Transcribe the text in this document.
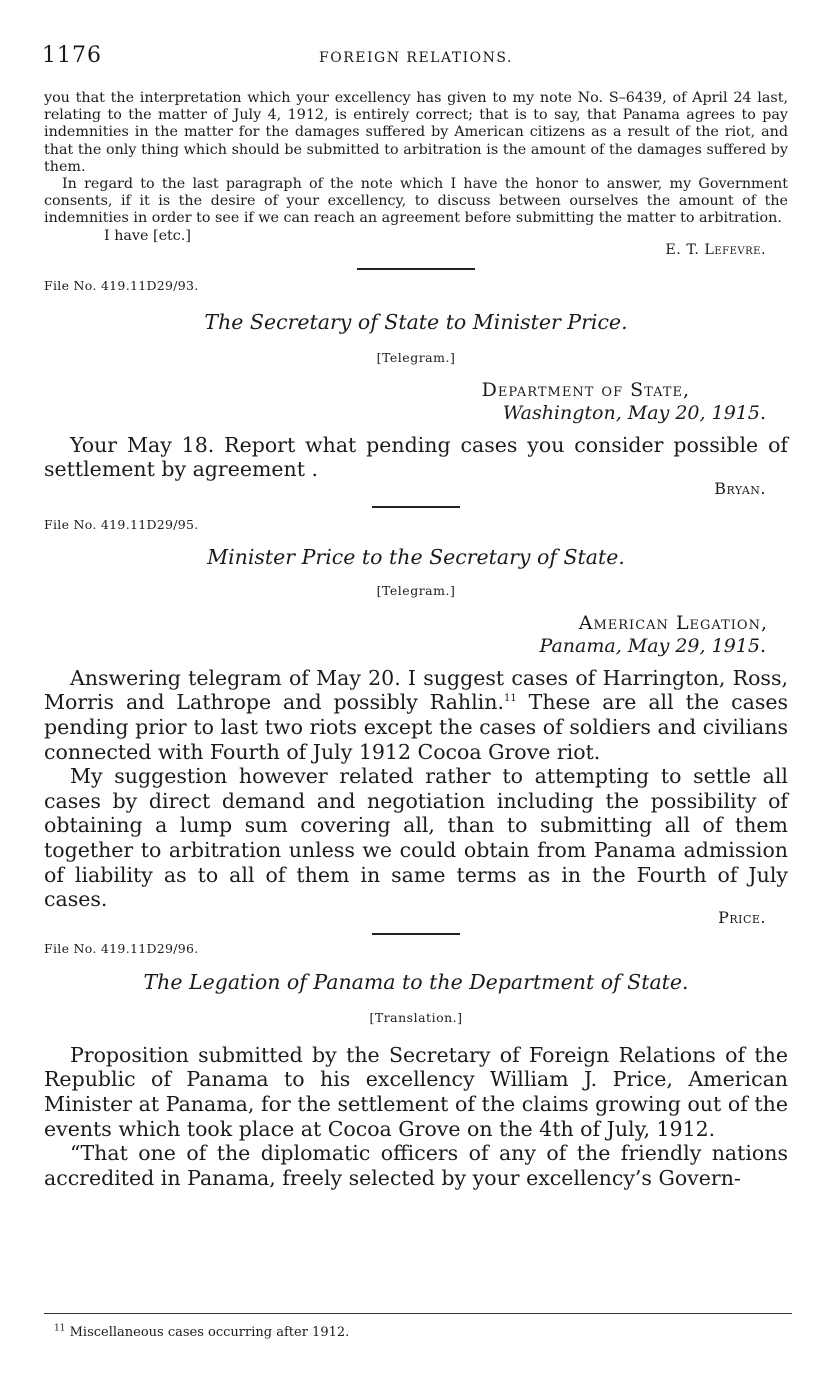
1176	FOREIGN RELATIONS.

you that the interpretation which your excellency has given to my note No. S–6439, of April 24 last, relating to the matter of July 4, 1912, is entirely correct; that is to say, that Panama agrees to pay indemnities in the matter for the damages suffered by American citizens as a result of the riot, and that the only thing which should be submitted to arbitration is the amount of the damages suffered by them.

In regard to the last paragraph of the note which I have the honor to answer, my Government consents, if it is the desire of your excellency, to discuss between ourselves the amount of the indemnities in order to see if we can reach an agreement before submitting the matter to arbitration.

I have [etc.]
E. T. Lefevre.

File No. 419.11D29/93.

The Secretary of State to Minister Price.
[Telegram.]
Department of State,
Washington, May 20, 1915.

Your May 18. Report what pending cases you consider possible of settlement by agreement .

Bryan.

File No. 419.11D29/95.

Minister Price to the Secretary of State.
[Telegram.]
American Legation,
Panama, May 29, 1915.

Answering telegram of May 20. I suggest cases of Harrington, Ross, Morris and Lathrope and possibly Rahlin.$^{11}$ These are all the cases pending prior to last two riots except the cases of soldiers and civilians connected with Fourth of July 1912 Cocoa Grove riot.

My suggestion however related rather to attempting to settle all cases by direct demand and negotiation including the possibility of obtaining a lump sum covering all, than to submitting all of them together to arbitration unless we could obtain from Panama admission of liability as to all of them in same terms as in the Fourth of July cases.

Price.

File No. 419.11D29/96.

The Legation of Panama to the Department of State.
[Translation.]

Proposition submitted by the Secretary of Foreign Relations of the Republic of Panama to his excellency William J. Price, American Minister at Panama, for the settlement of the claims growing out of the events which took place at Cocoa Grove on the 4th of July, 1912.

“That one of the diplomatic officers of any of the friendly nations accredited in Panama, freely selected by your excellency’s Govern-

$^{11}$ Miscellaneous cases occurring after 1912.
